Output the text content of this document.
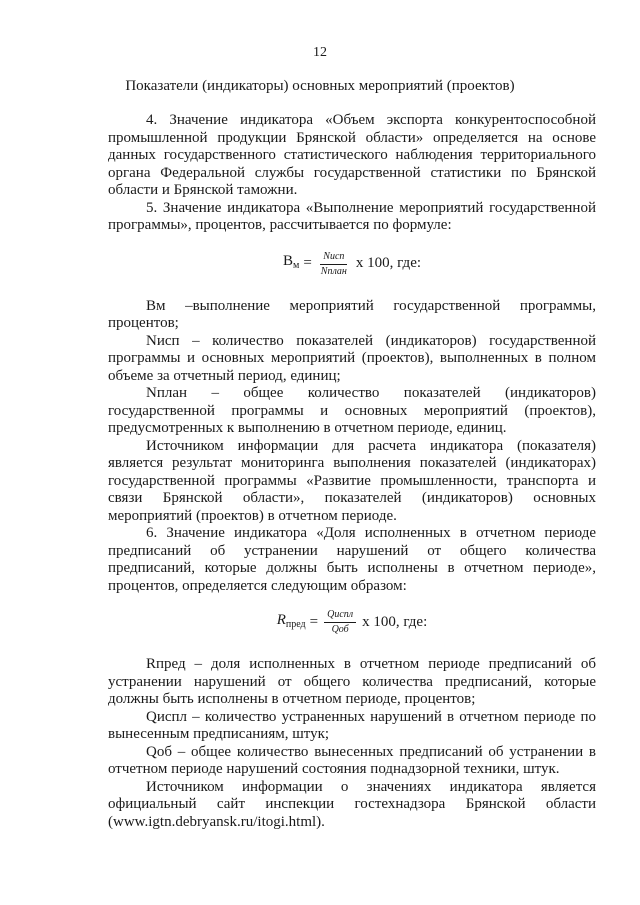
12
Показатели (индикаторы) основных мероприятий (проектов)

4. Значение индикатора «Объем экспорта конкурентоспособной промышленной продукции Брянской области» определяется на основе данных государственного статистического наблюдения территориального органа Федеральной службы государственной статистики по Брянской области и Брянской таможни.

5. Значение индикатора «Выполнение мероприятий государственной программы», процентов, рассчитывается по формуле:

$В_м = \frac{\text{Nисп}}{\text{Nплан}}$ х 100, где:

Вм –выполнение мероприятий государственной программы, процентов;

Nисп – количество показателей (индикаторов) государственной программы и основных мероприятий (проектов), выполненных в полном объеме за отчетный период, единиц;

Nплан – общее количество показателей (индикаторов) государственной программы и основных мероприятий (проектов), предусмотренных к выполнению в отчетном периоде, единиц.

Источником информации для расчета индикатора (показателя) является результат мониторинга выполнения показателей (индикаторах) государственной программы «Развитие промышленности, транспорта и связи Брянской области», показателей (индикаторов) основных мероприятий (проектов) в отчетном периоде.

6. Значение индикатора «Доля исполненных в отчетном периоде предписаний об устранении нарушений от общего количества предписаний, которые должны быть исполнены в отчетном периоде», процентов, определяется следующим образом:

$R_{пред} = \frac{\text{Qиспл}}{\text{Qоб}}$ х 100, где:

Rпред – доля исполненных в отчетном периоде предписаний об устранении нарушений от общего количества предписаний, которые должны быть исполнены в отчетном периоде, процентов;

Qиспл – количество устраненных нарушений в отчетном периоде по вынесенным предписаниям, штук;

Qоб – общее количество вынесенных предписаний об устранении в отчетном периоде нарушений состояния поднадзорной техники, штук.

Источником информации о значениях индикатора является официальный сайт инспекции гостехнадзора Брянской области (www.igtn.debryansk.ru/itogi.html).
